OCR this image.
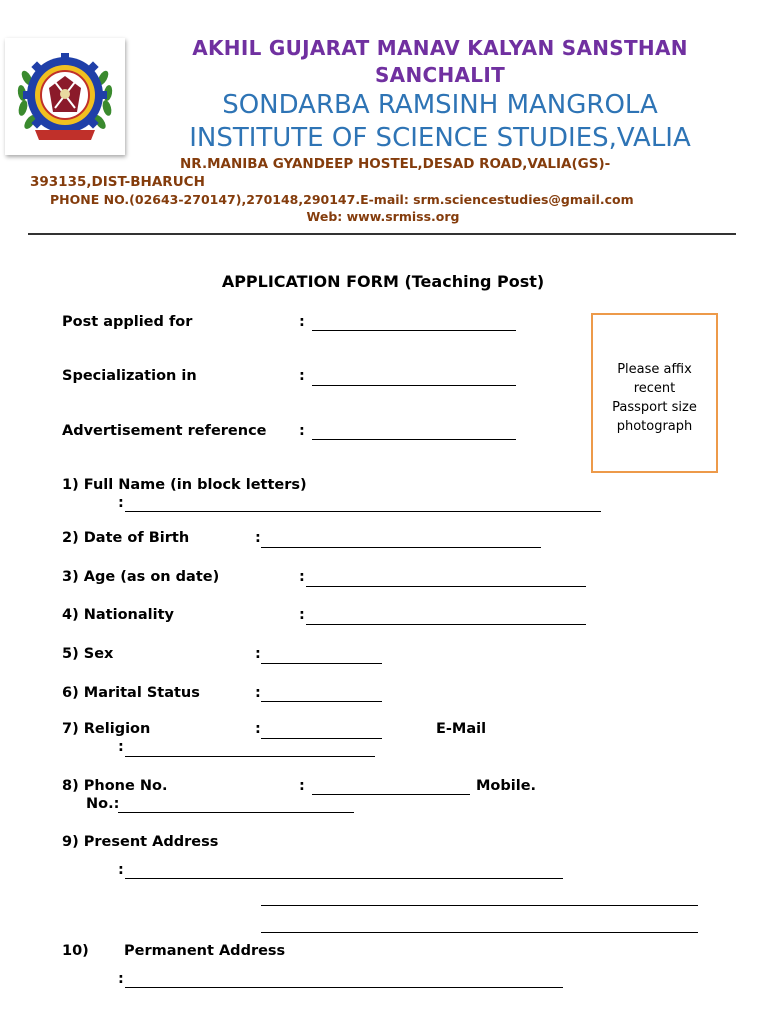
AKHIL GUJARAT MANAV KALYAN SANSTHAN
SANCHALIT
SONDARBA RAMSINH MANGROLA
INSTITUTE OF SCIENCE STUDIES,VALIA
NR.MANIBA GYANDEEP HOSTEL,DESAD ROAD,VALIA(GS)-
393135,DIST-BHARUCH
PHONE NO.(02643-270147),270148,290147.E-mail: srm.sciencestudies@gmail.com
Web: www.srmiss.org
APPLICATION FORM (Teaching Post)
Post applied for	:
Specialization in	:
Advertisement reference :
Please affix
recent
Passport size
photograph
1) Full Name (in block letters)
:
2) Date of Birth	:
3) Age (as on date)	:
4) Nationality	:
5) Sex	:
6) Marital Status	:
7) Religion	:	E-Mail
:
8) Phone No.	:	Mobile.
No.:
9) Present Address
:
10) Permanent Address
:
